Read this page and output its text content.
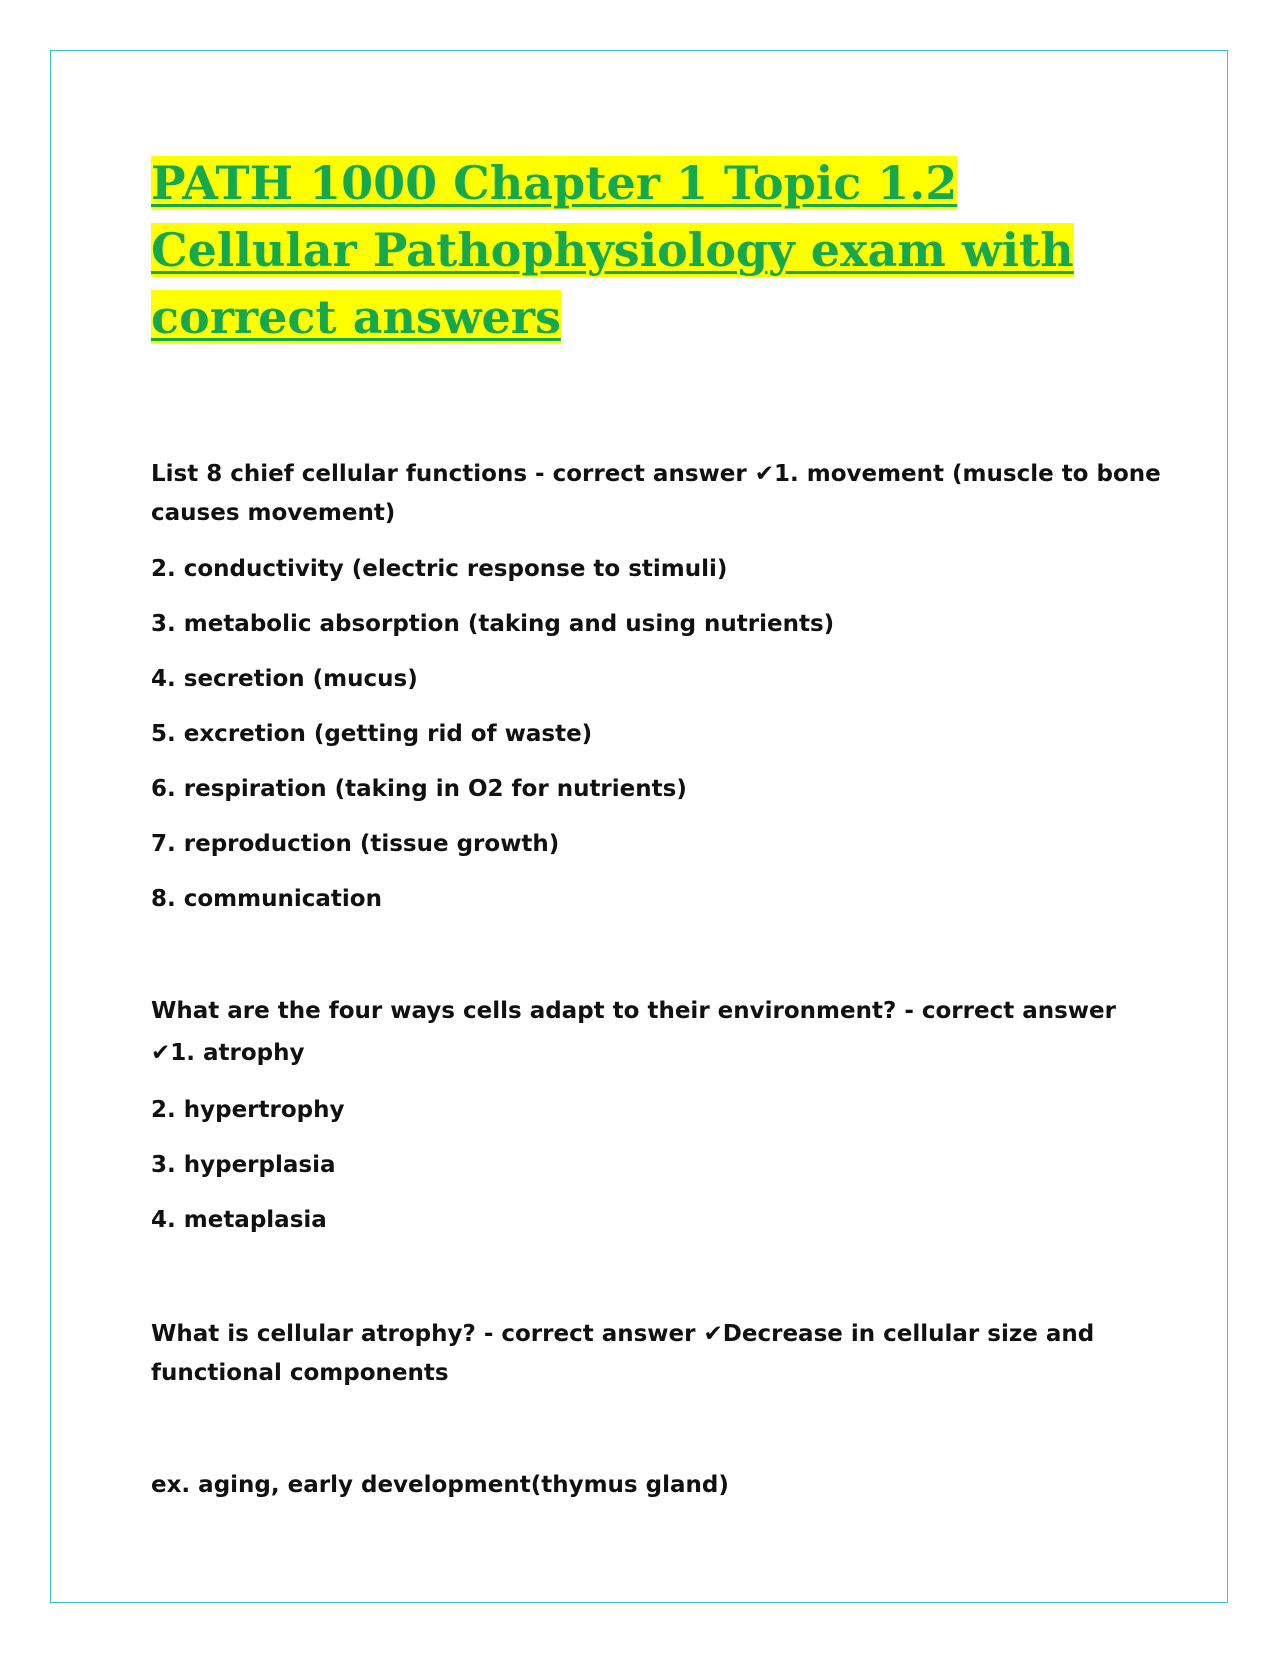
PATH 1000 Chapter 1 Topic 1.2 Cellular Pathophysiology exam with correct answers

List 8 chief cellular functions - correct answer ✔1. movement (muscle to bone

causes movement)

2. conductivity (electric response to stimuli)

3. metabolic absorption (taking and using nutrients)

4. secretion (mucus)

5. excretion (getting rid of waste)

6. respiration (taking in O2 for nutrients)

7. reproduction (tissue growth)

8. communication

What are the four ways cells adapt to their environment? - correct answer

✔1. atrophy

2. hypertrophy

3. hyperplasia

4. metaplasia

What is cellular atrophy? - correct answer ✔Decrease in cellular size and

functional components

ex. aging, early development(thymus gland)
